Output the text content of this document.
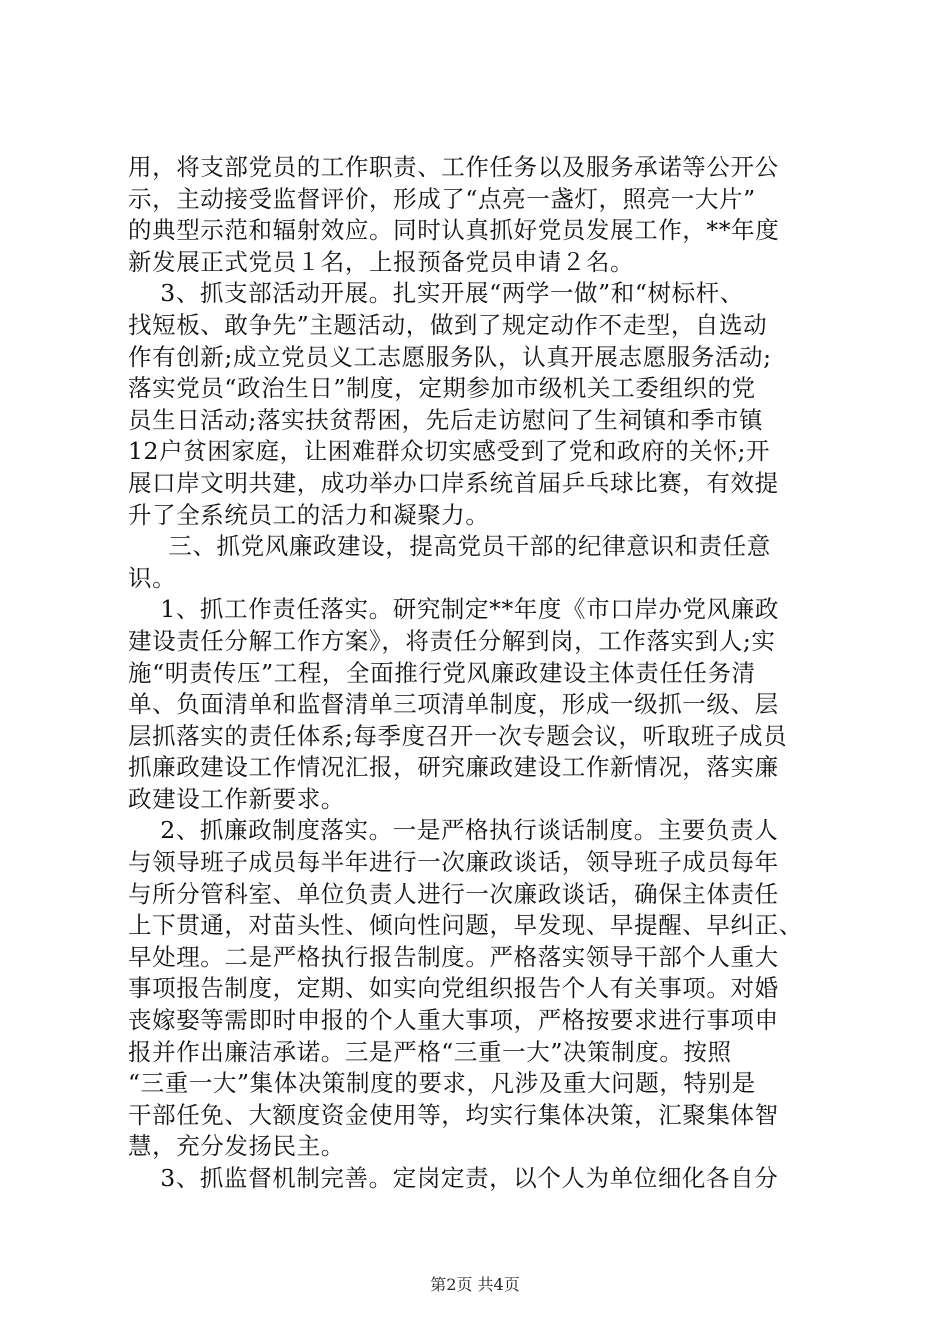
用，将支部党员的工作职责、工作任务以及服务承诺等公开公
示，主动接受监督评价，形成了“点亮一盏灯，照亮一大片”
的典型示范和辐射效应。同时认真抓好党员发展工作，**年度
新发展正式党员１名，上报预备党员申请２名。
3、抓支部活动开展。扎实开展“两学一做”和“树标杆、
找短板、敢争先”主题活动，做到了规定动作不走型，自选动
作有创新;成立党员义工志愿服务队，认真开展志愿服务活动;
落实党员“政治生日”制度，定期参加市级机关工委组织的党
员生日活动;落实扶贫帮困，先后走访慰问了生祠镇和季市镇
12户贫困家庭，让困难群众切实感受到了党和政府的关怀;开
展口岸文明共建，成功举办口岸系统首届乒乓球比赛，有效提
升了全系统员工的活力和凝聚力。
三、抓党风廉政建设，提高党员干部的纪律意识和责任意
识。
1、抓工作责任落实。研究制定**年度《市口岸办党风廉政
建设责任分解工作方案》，将责任分解到岗，工作落实到人;实
施“明责传压”工程，全面推行党风廉政建设主体责任任务清
单、负面清单和监督清单三项清单制度，形成一级抓一级、层
层抓落实的责任体系;每季度召开一次专题会议，听取班子成员
抓廉政建设工作情况汇报，研究廉政建设工作新情况，落实廉
政建设工作新要求。
2、抓廉政制度落实。一是严格执行谈话制度。主要负责人
与领导班子成员每半年进行一次廉政谈话，领导班子成员每年
与所分管科室、单位负责人进行一次廉政谈话，确保主体责任
上下贯通，对苗头性、倾向性问题，早发现、早提醒、早纠正、
早处理。二是严格执行报告制度。严格落实领导干部个人重大
事项报告制度，定期、如实向党组织报告个人有关事项。对婚
丧嫁娶等需即时申报的个人重大事项，严格按要求进行事项申
报并作出廉洁承诺。三是严格“三重一大”决策制度。按照
“三重一大”集体决策制度的要求，凡涉及重大问题，特别是
干部任免、大额度资金使用等，均实行集体决策，汇聚集体智
慧，充分发扬民主。
3、抓监督机制完善。定岗定责，以个人为单位细化各自分
第2页 共4页
